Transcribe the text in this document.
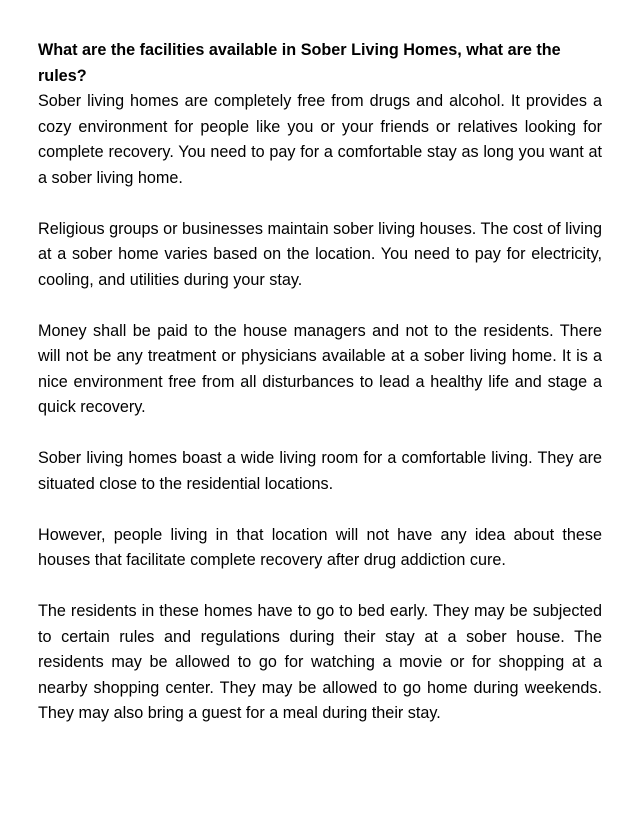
What are the facilities available in Sober Living Homes, what are the rules?

Sober living homes are completely free from drugs and alcohol. It provides a cozy environment for people like you or your friends or relatives looking for complete recovery. You need to pay for a comfortable stay as long you want at a sober living home.

Religious groups or businesses maintain sober living houses. The cost of living at a sober home varies based on the location. You need to pay for electricity, cooling, and utilities during your stay.

Money shall be paid to the house managers and not to the residents. There will not be any treatment or physicians available at a sober living home. It is a nice environment free from all disturbances to lead a healthy life and stage a quick recovery.

Sober living homes boast a wide living room for a comfortable living. They are situated close to the residential locations.

However, people living in that location will not have any idea about these houses that facilitate complete recovery after drug addiction cure.

The residents in these homes have to go to bed early. They may be subjected to certain rules and regulations during their stay at a sober house. The residents may be allowed to go for watching a movie or for shopping at a nearby shopping center. They may be allowed to go home during weekends. They may also bring a guest for a meal during their stay.
